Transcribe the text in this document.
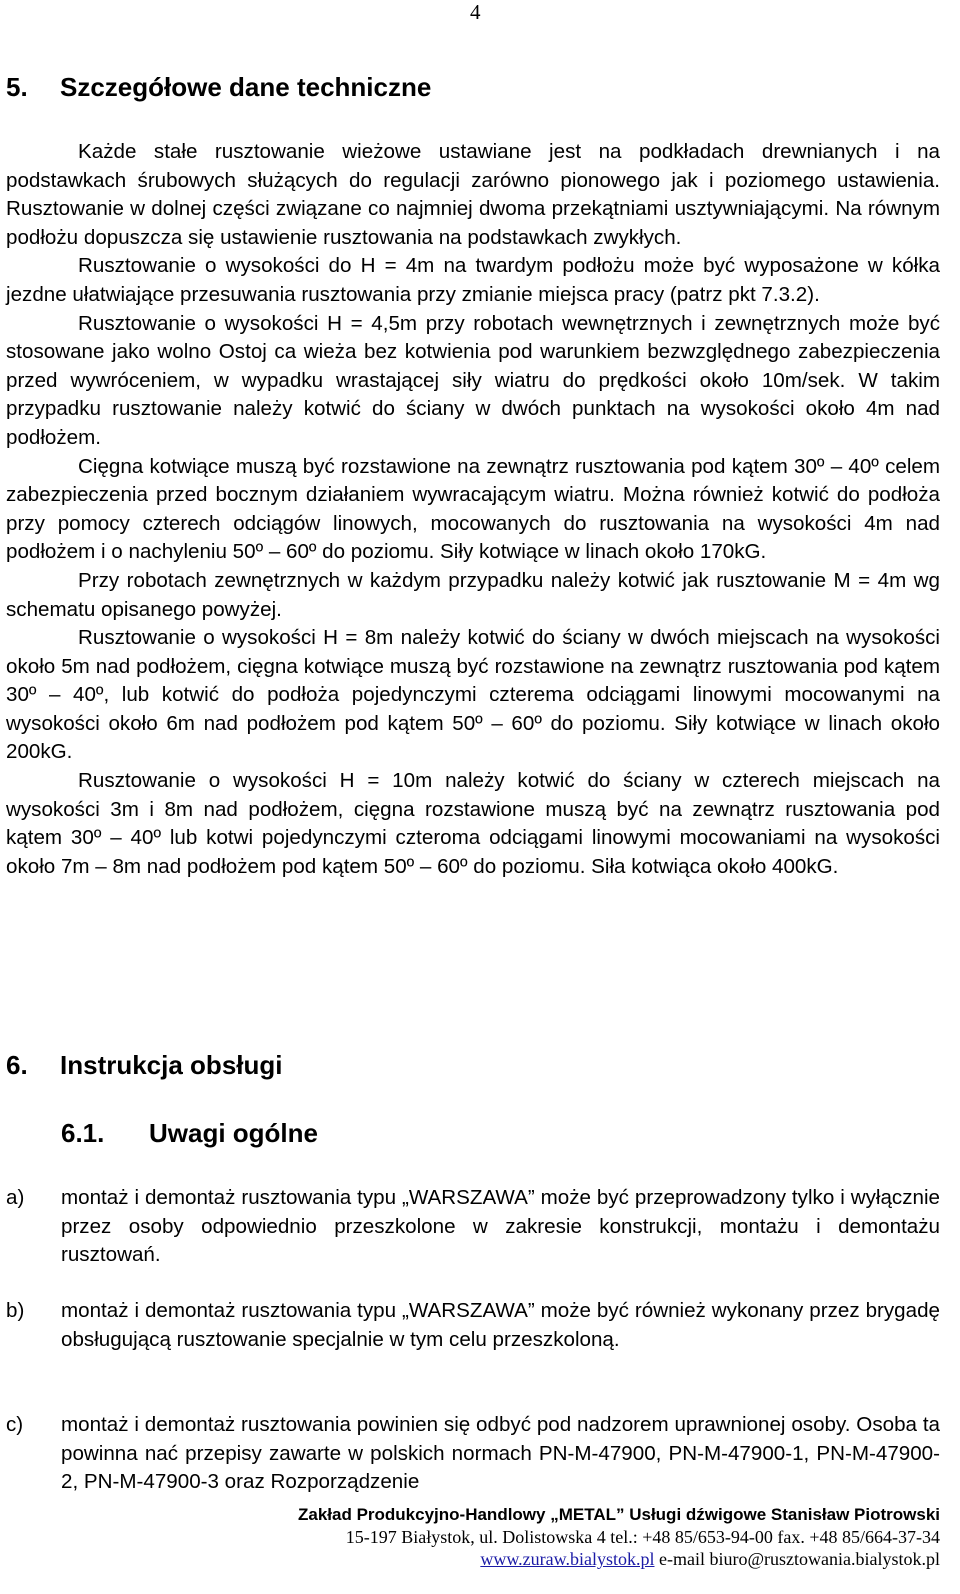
4
5. Szczegółowe dane techniczne

Każde stałe rusztowanie wieżowe ustawiane jest na podkładach drewnianych i na podstawkach śrubowych służących do regulacji zarówno pionowego jak i poziomego ustawienia. Rusztowanie w dolnej części związane co najmniej dwoma przekątniami usztywniającymi. Na równym podłożu dopuszcza się ustawienie rusztowania na podstawkach zwykłych.

Rusztowanie o wysokości do H = 4m na twardym podłożu może być wyposażone w kółka jezdne ułatwiające przesuwania rusztowania przy zmianie miejsca pracy (patrz pkt 7.3.2).

Rusztowanie o wysokości H = 4,5m przy robotach wewnętrznych i zewnętrznych może być stosowane jako wolno Ostoj ca wieża bez kotwienia pod warunkiem bezwzględnego zabezpieczenia przed wywróceniem, w wypadku wrastającej siły wiatru do prędkości około 10m/sek. W takim przypadku rusztowanie należy kotwić do ściany w dwóch punktach na wysokości około 4m nad podłożem.

Cięgna kotwiące muszą być rozstawione na zewnątrz rusztowania pod kątem 30º – 40º celem zabezpieczenia przed bocznym działaniem wywracającym wiatru. Można również kotwić do podłoża przy pomocy czterech odciągów linowych, mocowanych do rusztowania na wysokości 4m nad podłożem i o nachyleniu 50º – 60º do poziomu. Siły kotwiące w linach około 170kG.

Przy robotach zewnętrznych w każdym przypadku należy kotwić jak rusztowanie M = 4m wg schematu opisanego powyżej.

Rusztowanie o wysokości H = 8m należy kotwić do ściany w dwóch miejscach na wysokości około 5m nad podłożem, cięgna kotwiące muszą być rozstawione na zewnątrz rusztowania pod kątem 30º – 40º, lub kotwić do podłoża pojedynczymi czterema odciągami linowymi mocowanymi na wysokości około 6m nad podłożem pod kątem 50º – 60º do poziomu. Siły kotwiące w linach około 200kG.

Rusztowanie o wysokości H = 10m należy kotwić do ściany w czterech miejscach na wysokości 3m i 8m nad podłożem, cięgna rozstawione muszą być na zewnątrz rusztowania pod kątem 30º – 40º lub kotwi pojedynczymi czteroma odciągami linowymi mocowaniami na wysokości około 7m – 8m nad podłożem pod kątem 50º – 60º do poziomu. Siła kotwiąca około 400kG.

6. Instrukcja obsługi
6.1. Uwagi ogólne
a) montaż i demontaż rusztowania typu „WARSZAWA” może być przeprowadzony tylko i wyłącznie przez osoby odpowiednio przeszkolone w zakresie konstrukcji, montażu i demontażu rusztowań.
b) montaż i demontaż rusztowania typu „WARSZAWA” może być również wykonany przez brygadę obsługującą rusztowanie specjalnie w tym celu przeszkoloną.
c) montaż i demontaż rusztowania powinien się odbyć pod nadzorem uprawnionej osoby. Osoba ta powinna nać przepisy zawarte w polskich normach PN-M-47900, PN-M-47900-1, PN-M-47900-2, PN-M-47900-3 oraz Rozporządzenie
Zakład Produkcyjno-Handlowy „METAL” Usługi dźwigowe Stanisław Piotrowski
15-197 Białystok, ul. Dolistowska 4 tel.: +48 85/653-94-00 fax. +48 85/664-37-34
www.zuraw.bialystok.pl e-mail biuro@rusztowania.bialystok.pl
